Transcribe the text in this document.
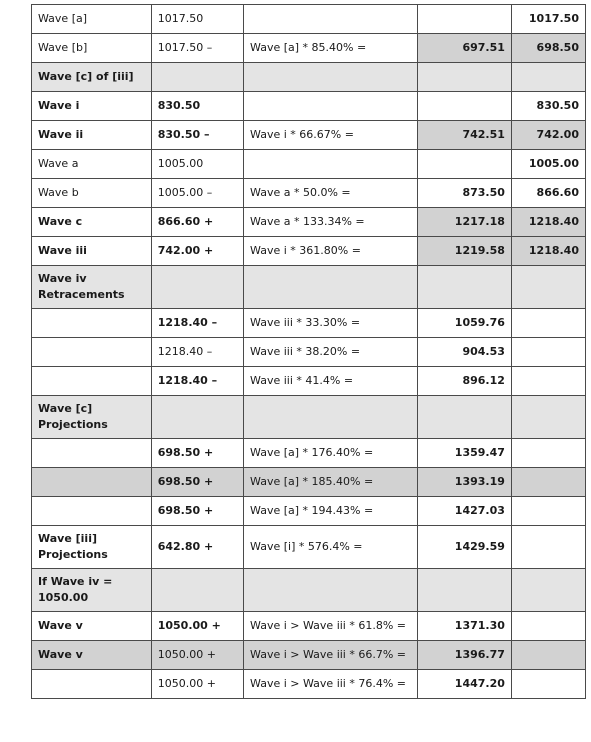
Wave [a]	1017.50			1017.50
Wave [b]	1017.50 –	Wave [a] * 85.40% =	697.51	698.50
Wave [c] of [iii]				
Wave i	830.50			830.50
Wave ii	830.50 –	Wave i * 66.67% =	742.51	742.00
Wave a	1005.00			1005.00
Wave b	1005.00 –	Wave a * 50.0% =	873.50	866.60
Wave c	866.60 +	Wave a * 133.34% =	1217.18	1218.40
Wave iii	742.00 +	Wave i * 361.80% =	1219.58	1218.40
Wave iv Retracements				
	1218.40 –	Wave iii * 33.30% =	1059.76	
	1218.40 –	Wave iii * 38.20% =	904.53	
	1218.40 –	Wave iii * 41.4% =	896.12	
Wave [c] Projections				
	698.50 +	Wave [a] * 176.40% =	1359.47	
	698.50 +	Wave [a] * 185.40% =	1393.19	
	698.50 +	Wave [a] * 194.43% =	1427.03	
Wave [iii] Projections	642.80 +	Wave [i] * 576.4% =	1429.59	
If Wave iv = 1050.00				
Wave v	1050.00 +	Wave i > Wave iii * 61.8% =	1371.30	
Wave v	1050.00 +	Wave i > Wave iii * 66.7% =	1396.77	
	1050.00 +	Wave i > Wave iii * 76.4% =	1447.20	
